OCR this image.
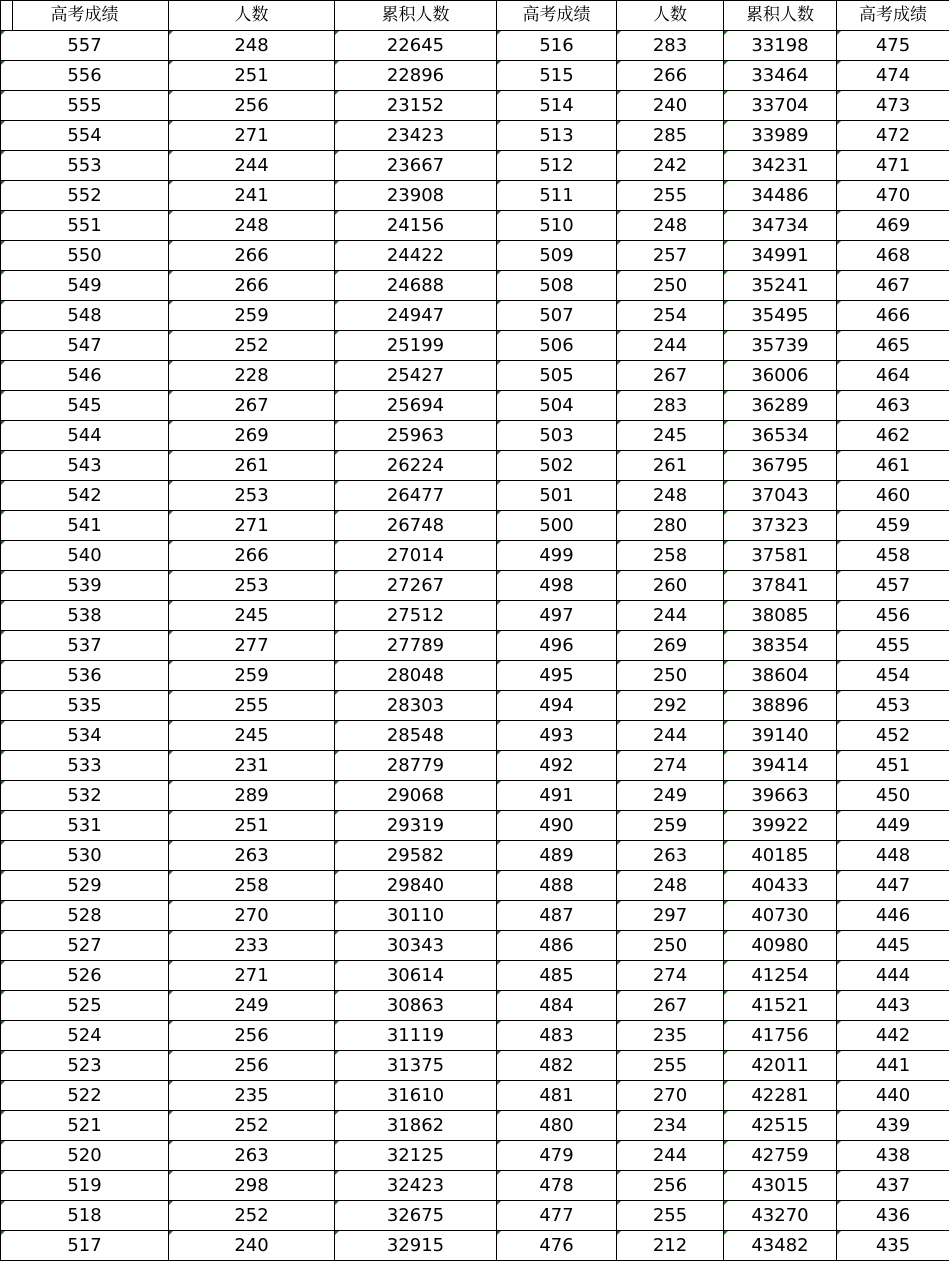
高考成绩	人数	累积人数	高考成绩	人数	累积人数	高考成绩
557	248	22645	516	283	33198	475
556	251	22896	515	266	33464	474
555	256	23152	514	240	33704	473
554	271	23423	513	285	33989	472
553	244	23667	512	242	34231	471
552	241	23908	511	255	34486	470
551	248	24156	510	248	34734	469
550	266	24422	509	257	34991	468
549	266	24688	508	250	35241	467
548	259	24947	507	254	35495	466
547	252	25199	506	244	35739	465
546	228	25427	505	267	36006	464
545	267	25694	504	283	36289	463
544	269	25963	503	245	36534	462
543	261	26224	502	261	36795	461
542	253	26477	501	248	37043	460
541	271	26748	500	280	37323	459
540	266	27014	499	258	37581	458
539	253	27267	498	260	37841	457
538	245	27512	497	244	38085	456
537	277	27789	496	269	38354	455
536	259	28048	495	250	38604	454
535	255	28303	494	292	38896	453
534	245	28548	493	244	39140	452
533	231	28779	492	274	39414	451
532	289	29068	491	249	39663	450
531	251	29319	490	259	39922	449
530	263	29582	489	263	40185	448
529	258	29840	488	248	40433	447
528	270	30110	487	297	40730	446
527	233	30343	486	250	40980	445
526	271	30614	485	274	41254	444
525	249	30863	484	267	41521	443
524	256	31119	483	235	41756	442
523	256	31375	482	255	42011	441
522	235	31610	481	270	42281	440
521	252	31862	480	234	42515	439
520	263	32125	479	244	42759	438
519	298	32423	478	256	43015	437
518	252	32675	477	255	43270	436
517	240	32915	476	212	43482	435
